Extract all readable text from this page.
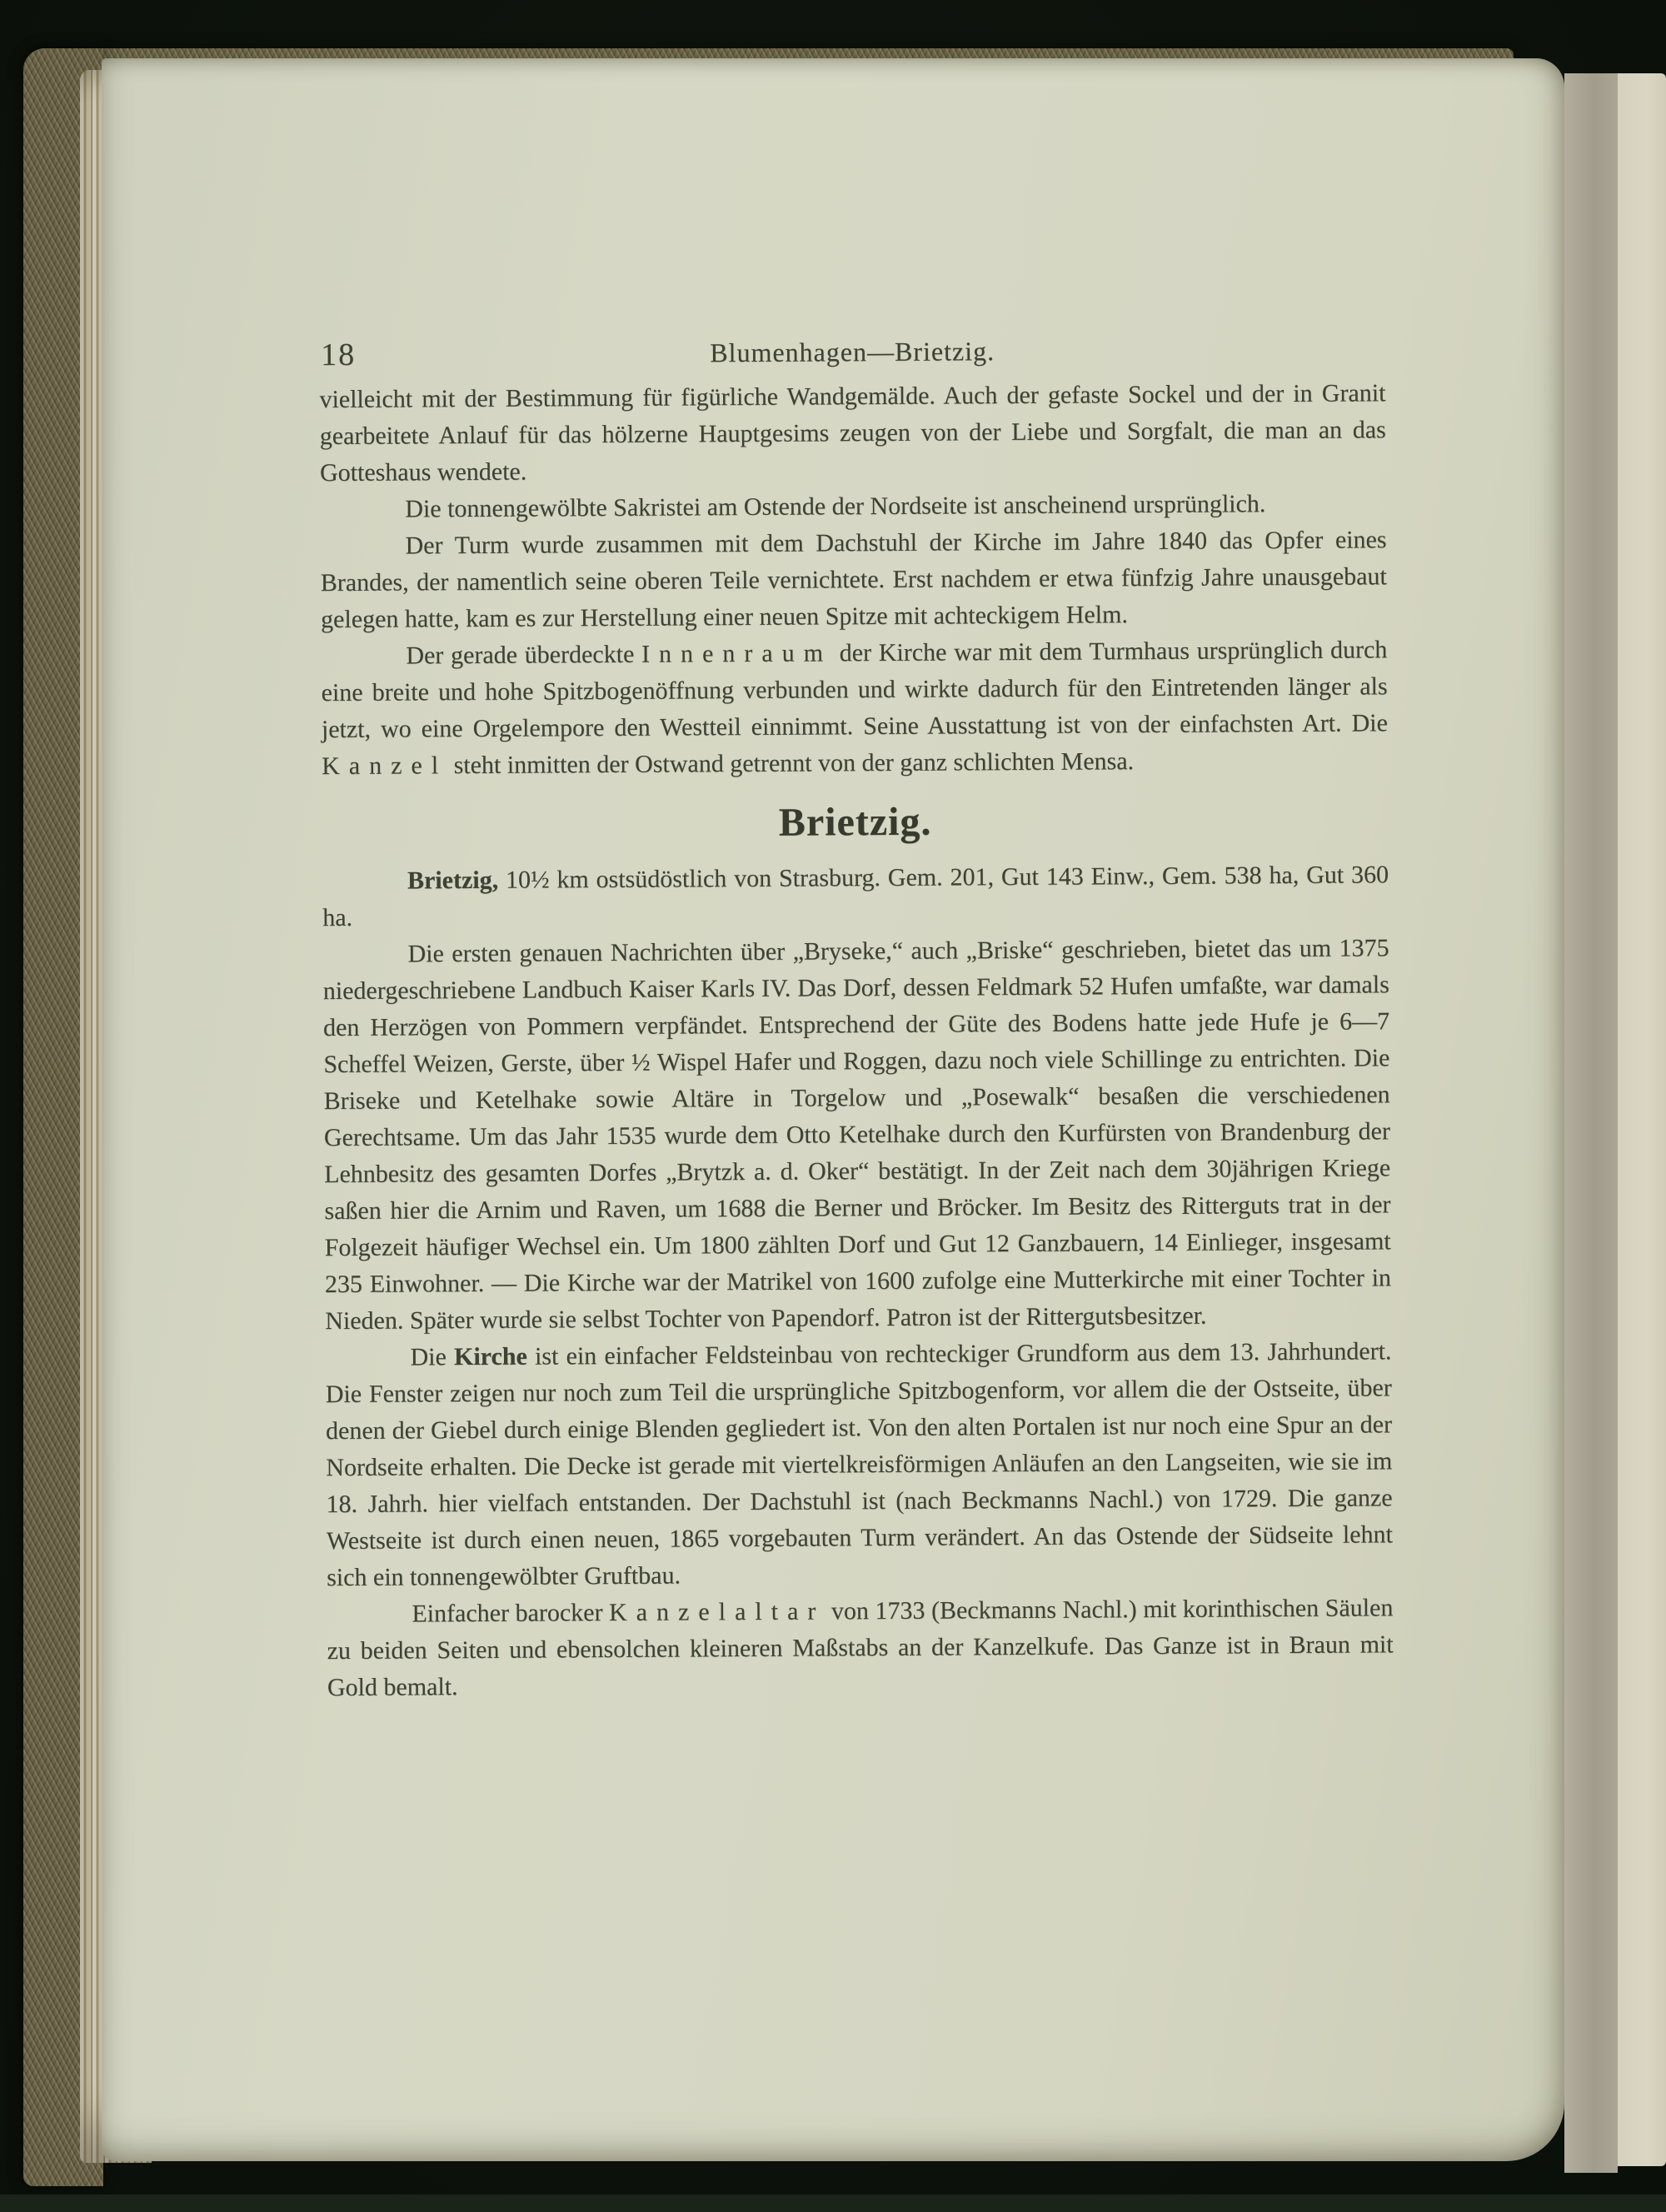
18	Blumenhagen—Brietzig.

vielleicht mit der Bestimmung für figürliche Wandgemälde. Auch der gefaste Sockel und der in Granit gearbeitete Anlauf für das hölzerne Hauptgesims zeugen von der Liebe und Sorgfalt, die man an das Gotteshaus wendete.

Die tonnengewölbte Sakristei am Ostende der Nordseite ist anscheinend ursprünglich.

Der Turm wurde zusammen mit dem Dachstuhl der Kirche im Jahre 1840 das Opfer eines Brandes, der namentlich seine oberen Teile vernichtete. Erst nachdem er etwa fünfzig Jahre unausgebaut gelegen hatte, kam es zur Herstellung einer neuen Spitze mit achteckigem Helm.

Der gerade überdeckte Innenraum der Kirche war mit dem Turmhaus ursprünglich durch eine breite und hohe Spitzbogenöffnung verbunden und wirkte dadurch für den Eintretenden länger als jetzt, wo eine Orgelempore den Westteil einnimmt. Seine Ausstattung ist von der einfachsten Art. Die Kanzel steht inmitten der Ostwand getrennt von der ganz schlichten Mensa.

Brietzig.

Brietzig, 10½ km ostsüdöstlich von Strasburg. Gem. 201, Gut 143 Einw., Gem. 538 ha, Gut 360 ha.

Die ersten genauen Nachrichten über „Bryseke,“ auch „Briske“ geschrieben, bietet das um 1375 niedergeschriebene Landbuch Kaiser Karls IV. Das Dorf, dessen Feldmark 52 Hufen umfaßte, war damals den Herzögen von Pommern verpfändet. Entsprechend der Güte des Bodens hatte jede Hufe je 6—7 Scheffel Weizen, Gerste, über ½ Wispel Hafer und Roggen, dazu noch viele Schillinge zu entrichten. Die Briseke und Ketelhake sowie Altäre in Torgelow und „Posewalk“ besaßen die verschiedenen Gerechtsame. Um das Jahr 1535 wurde dem Otto Ketelhake durch den Kurfürsten von Brandenburg der Lehnbesitz des gesamten Dorfes „Brytzk a. d. Oker“ bestätigt. In der Zeit nach dem 30jährigen Kriege saßen hier die Arnim und Raven, um 1688 die Berner und Bröcker. Im Besitz des Ritterguts trat in der Folgezeit häufiger Wechsel ein. Um 1800 zählten Dorf und Gut 12 Ganzbauern, 14 Einlieger, insgesamt 235 Einwohner. — Die Kirche war der Matrikel von 1600 zufolge eine Mutterkirche mit einer Tochter in Nieden. Später wurde sie selbst Tochter von Papendorf. Patron ist der Rittergutsbesitzer.

Die Kirche ist ein einfacher Feldsteinbau von rechteckiger Grundform aus dem 13. Jahrhundert. Die Fenster zeigen nur noch zum Teil die ursprüngliche Spitzbogenform, vor allem die der Ostseite, über denen der Giebel durch einige Blenden gegliedert ist. Von den alten Portalen ist nur noch eine Spur an der Nordseite erhalten. Die Decke ist gerade mit viertelkreisförmigen Anläufen an den Langseiten, wie sie im 18. Jahrh. hier vielfach entstanden. Der Dachstuhl ist (nach Beckmanns Nachl.) von 1729. Die ganze Westseite ist durch einen neuen, 1865 vorgebauten Turm verändert. An das Ostende der Südseite lehnt sich ein tonnengewölbter Gruftbau.

Einfacher barocker Kanzelaltar von 1733 (Beckmanns Nachl.) mit korinthischen Säulen zu beiden Seiten und ebensolchen kleineren Maßstabs an der Kanzelkufe. Das Ganze ist in Braun mit Gold bemalt.
